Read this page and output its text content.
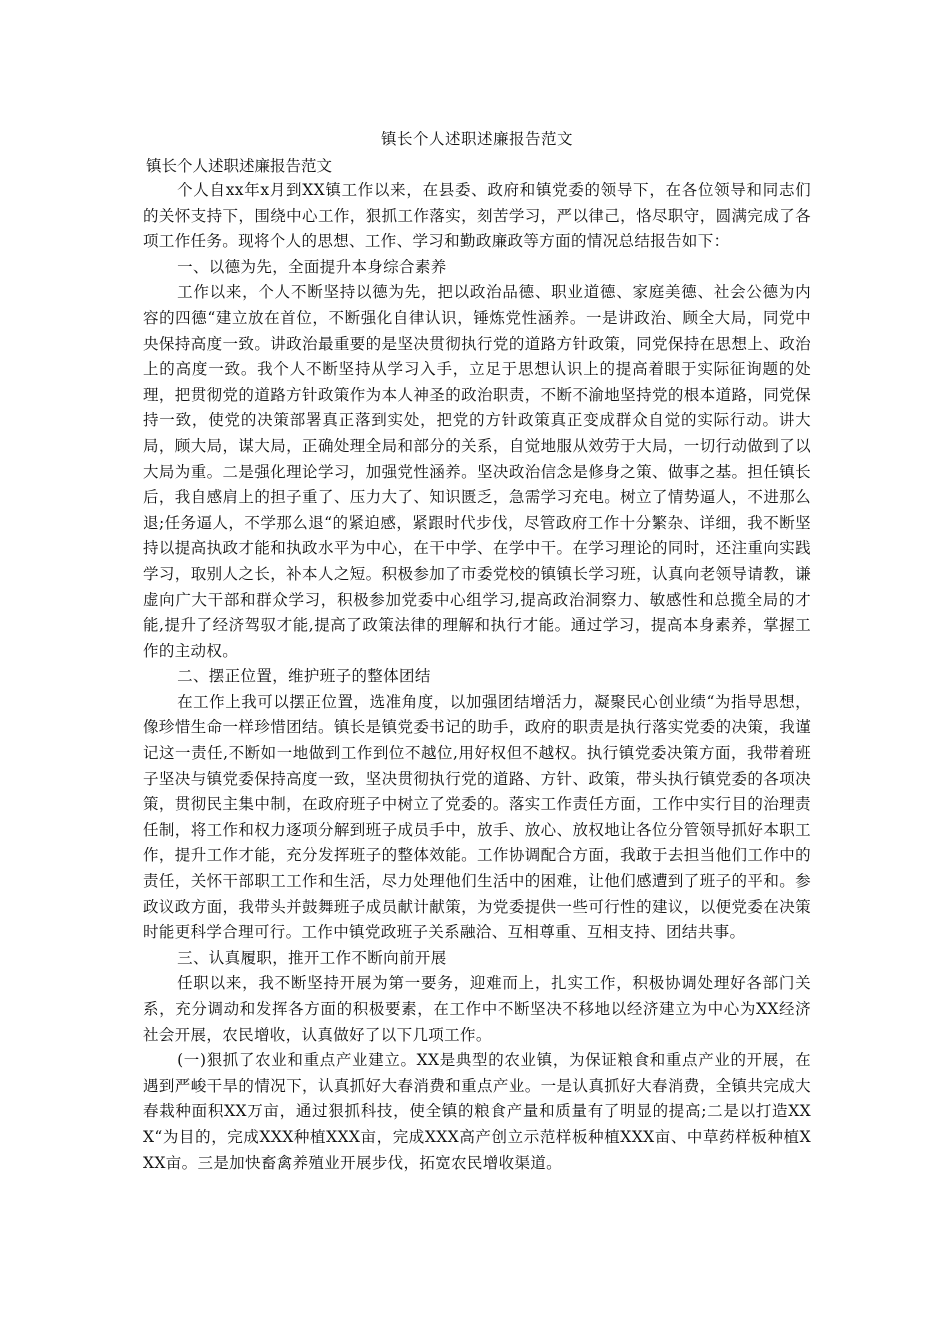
镇长个人述职述廉报告范文

镇长个人述职述廉报告范文

个人自xx年x月到XX镇工作以来，在县委、政府和镇党委的领导下，在各位领导和同志们的关怀支持下，围绕中心工作，狠抓工作落实，刻苦学习，严以律己，恪尽职守，圆满完成了各项工作任务。现将个人的思想、工作、学习和勤政廉政等方面的情况总结报告如下：

一、以德为先，全面提升本身综合素养

工作以来，个人不断坚持以德为先，把以政治品德、职业道德、家庭美德、社会公德为内容的四德“建立放在首位，不断强化自律认识，锤炼党性涵养。一是讲政治、顾全大局，同党中央保持高度一致。讲政治最重要的是坚决贯彻执行党的道路方针政策，同党保持在思想上、政治上的高度一致。我个人不断坚持从学习入手，立足于思想认识上的提高着眼于实际征询题的处理，把贯彻党的道路方针政策作为本人神圣的政治职责，不断不渝地坚持党的根本道路，同党保持一致，使党的决策部署真正落到实处，把党的方针政策真正变成群众自觉的实际行动。讲大局，顾大局，谋大局，正确处理全局和部分的关系，自觉地服从效劳于大局，一切行动做到了以大局为重。二是强化理论学习，加强党性涵养。坚决政治信念是修身之策、做事之基。担任镇长后，我自感肩上的担子重了、压力大了、知识匮乏，急需学习充电。树立了情势逼人，不进那么退;任务逼人，不学那么退“的紧迫感，紧跟时代步伐，尽管政府工作十分繁杂、详细，我不断坚持以提高执政才能和执政水平为中心，在干中学、在学中干。在学习理论的同时，还注重向实践学习，取别人之长，补本人之短。积极参加了市委党校的镇镇长学习班，认真向老领导请教，谦虚向广大干部和群众学习，积极参加党委中心组学习,提高政治洞察力、敏感性和总揽全局的才能,提升了经济驾驭才能,提高了政策法律的理解和执行才能。通过学习，提高本身素养，掌握工作的主动权。

二、摆正位置，维护班子的整体团结

在工作上我可以摆正位置，选准角度，以加强团结增活力，凝聚民心创业绩“为指导思想，像珍惜生命一样珍惜团结。镇长是镇党委书记的助手，政府的职责是执行落实党委的决策，我谨记这一责任,不断如一地做到工作到位不越位,用好权但不越权。执行镇党委决策方面，我带着班子坚决与镇党委保持高度一致，坚决贯彻执行党的道路、方针、政策，带头执行镇党委的各项决策，贯彻民主集中制，在政府班子中树立了党委的。落实工作责任方面，工作中实行目的治理责任制，将工作和权力逐项分解到班子成员手中，放手、放心、放权地让各位分管领导抓好本职工作，提升工作才能，充分发挥班子的整体效能。工作协调配合方面，我敢于去担当他们工作中的责任，关怀干部职工工作和生活，尽力处理他们生活中的困难，让他们感遭到了班子的平和。参政议政方面，我带头并鼓舞班子成员献计献策，为党委提供一些可行性的建议，以便党委在决策时能更科学合理可行。工作中镇党政班子关系融洽、互相尊重、互相支持、团结共事。

三、认真履职，推开工作不断向前开展

任职以来，我不断坚持开展为第一要务，迎难而上，扎实工作，积极协调处理好各部门关系，充分调动和发挥各方面的积极要素，在工作中不断坚决不移地以经济建立为中心为XX经济社会开展，农民增收，认真做好了以下几项工作。

(一)狠抓了农业和重点产业建立。XX是典型的农业镇，为保证粮食和重点产业的开展，在遇到严峻干旱的情况下，认真抓好大春消费和重点产业。一是认真抓好大春消费，全镇共完成大春栽种面积XX万亩，通过狠抓科技，使全镇的粮食产量和质量有了明显的提高;二是以打造XXX“为目的，完成XXX种植XXX亩，完成XXX高产创立示范样板种植XXX亩、中草药样板种植XXX亩。三是加快畜禽养殖业开展步伐，拓宽农民增收渠道。
